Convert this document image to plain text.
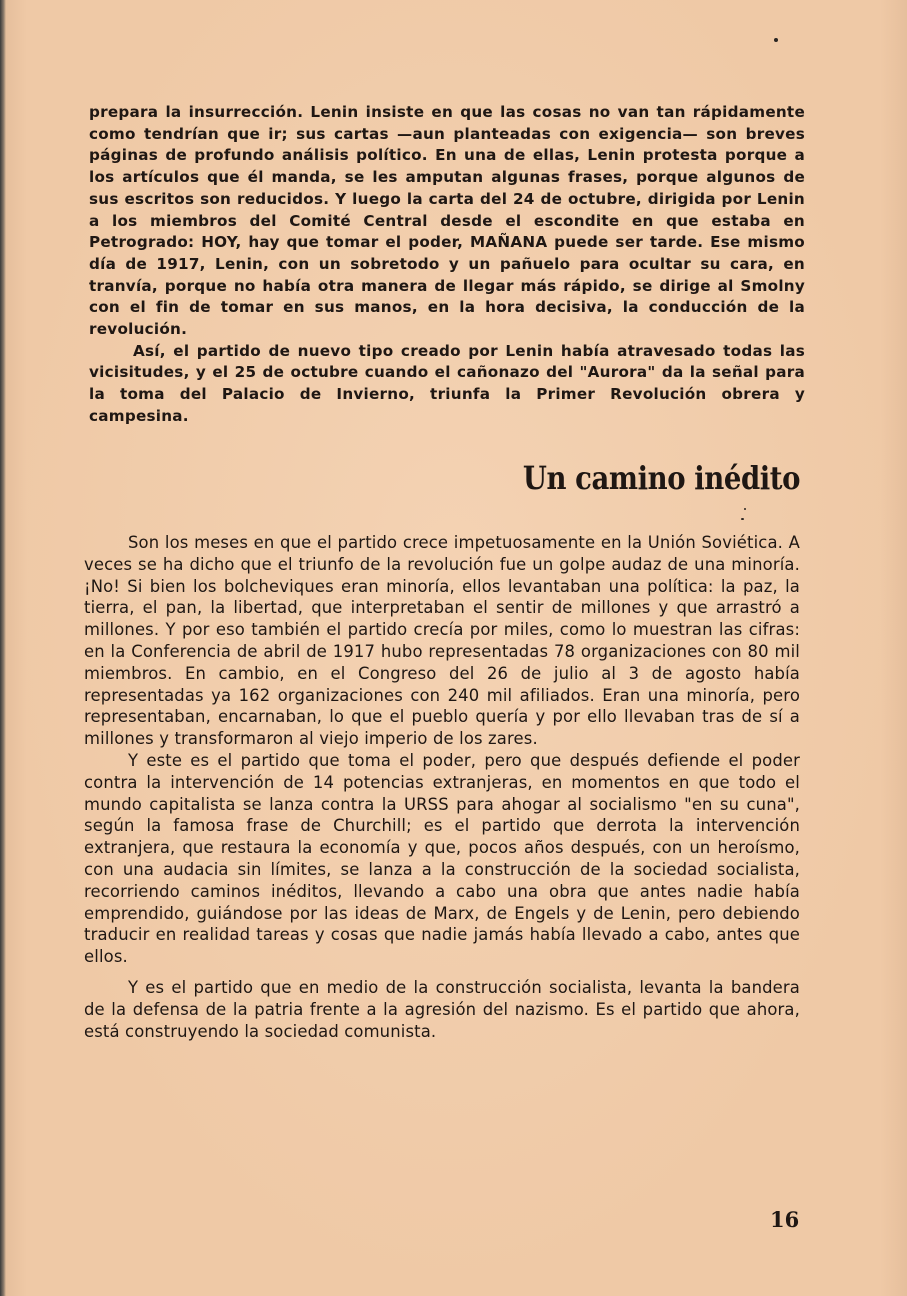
prepara la insurrección. Lenin insiste en que las cosas no van tan rápidamente como tendrían que ir; sus cartas —aun planteadas con exigencia— son breves páginas de profundo análisis político. En una de ellas, Lenin protesta porque a los artículos que él manda, se les amputan algunas frases, porque algunos de sus escritos son reducidos. Y luego la carta del 24 de octubre, dirigida por Lenin a los miembros del Comité Central desde el escondite en que estaba en Petrogrado: HOY, hay que tomar el poder, MAÑANA puede ser tarde. Ese mismo día de 1917, Lenin, con un sobretodo y un pañuelo para ocultar su cara, en tranvía, porque no había otra manera de llegar más rápido, se dirige al Smolny con el fin de tomar en sus manos, en la hora decisiva, la conducción de la revolución.

Así, el partido de nuevo tipo creado por Lenin había atravesado todas las vicisitudes, y el 25 de octubre cuando el cañonazo del "Aurora" da la señal para la toma del Palacio de Invierno, triunfa la Primer Revolución obrera y campesina.

Un camino inédito

Son los meses en que el partido crece impetuosamente en la Unión Soviética. A veces se ha dicho que el triunfo de la revolución fue un golpe audaz de una minoría. ¡No! Si bien los bolcheviques eran minoría, ellos levantaban una política: la paz, la tierra, el pan, la libertad, que interpretaban el sentir de millones y que arrastró a millones. Y por eso también el partido crecía por miles, como lo muestran las cifras: en la Conferencia de abril de 1917 hubo representadas 78 organizaciones con 80 mil miembros. En cambio, en el Congreso del 26 de julio al 3 de agosto había representadas ya 162 organizaciones con 240 mil afiliados. Eran una minoría, pero representaban, encarnaban, lo que el pueblo quería y por ello llevaban tras de sí a millones y transformaron al viejo imperio de los zares.

Y este es el partido que toma el poder, pero que después defiende el poder contra la intervención de 14 potencias extranjeras, en momentos en que todo el mundo capitalista se lanza contra la URSS para ahogar al socialismo "en su cuna", según la famosa frase de Churchill; es el partido que derrota la intervención extranjera, que restaura la economía y que, pocos años después, con un heroísmo, con una audacia sin límites, se lanza a la construcción de la sociedad socialista, recorriendo caminos inéditos, llevando a cabo una obra que antes nadie había emprendido, guiándose por las ideas de Marx, de Engels y de Lenin, pero debiendo traducir en realidad tareas y cosas que nadie jamás había llevado a cabo, antes que ellos.

Y es el partido que en medio de la construcción socialista, levanta la bandera de la defensa de la patria frente a la agresión del nazismo. Es el partido que ahora, está construyendo la sociedad comunista.

16
